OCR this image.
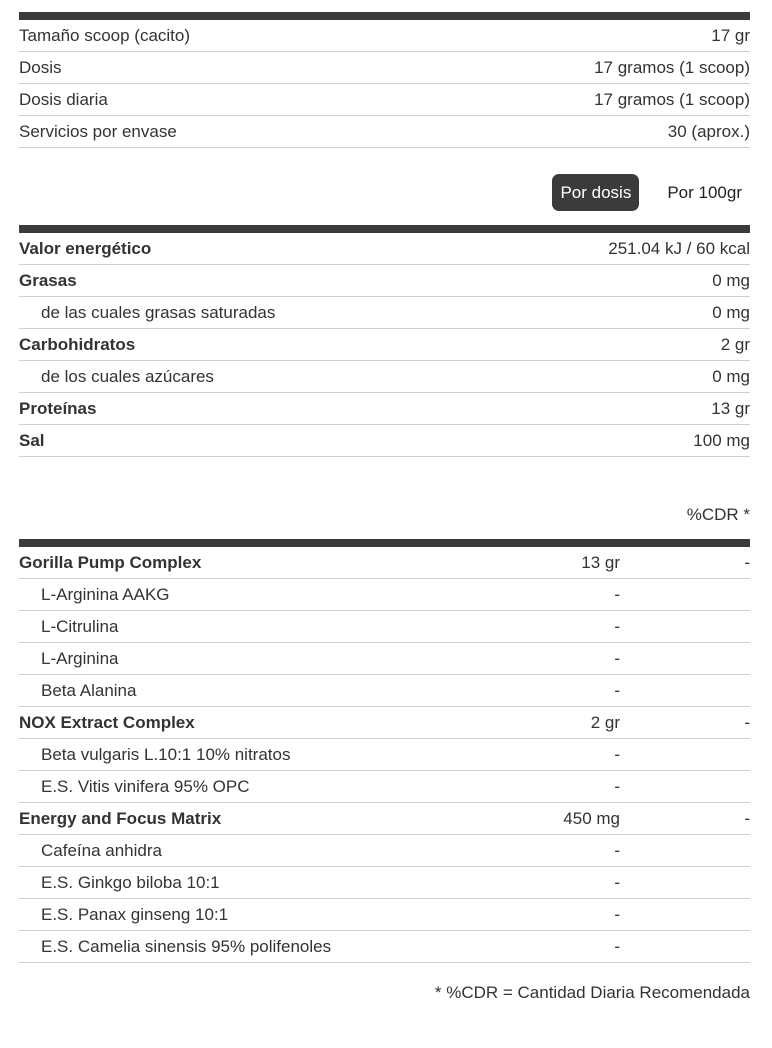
Tamaño scoop (cacito)	17 gr
Dosis	17 gramos (1 scoop)
Dosis diaria	17 gramos (1 scoop)
Servicios por envase	30 (aprox.)
Por dosis	Por 100gr
Valor energético	251.04 kJ / 60 kcal
Grasas	0 mg
de las cuales grasas saturadas	0 mg
Carbohidratos	2 gr
de los cuales azúcares	0 mg
Proteínas	13 gr
Sal	100 mg
%CDR *
Gorilla Pump Complex	13 gr	-
L-Arginina AAKG	-
L-Citrulina	-
L-Arginina	-
Beta Alanina	-
NOX Extract Complex	2 gr	-
Beta vulgaris L.10:1 10% nitratos	-
E.S. Vitis vinifera 95% OPC	-
Energy and Focus Matrix	450 mg	-
Cafeína anhidra	-
E.S. Ginkgo biloba 10:1	-
E.S. Panax ginseng 10:1	-
E.S. Camelia sinensis 95% polifenoles	-
* %CDR = Cantidad Diaria Recomendada
